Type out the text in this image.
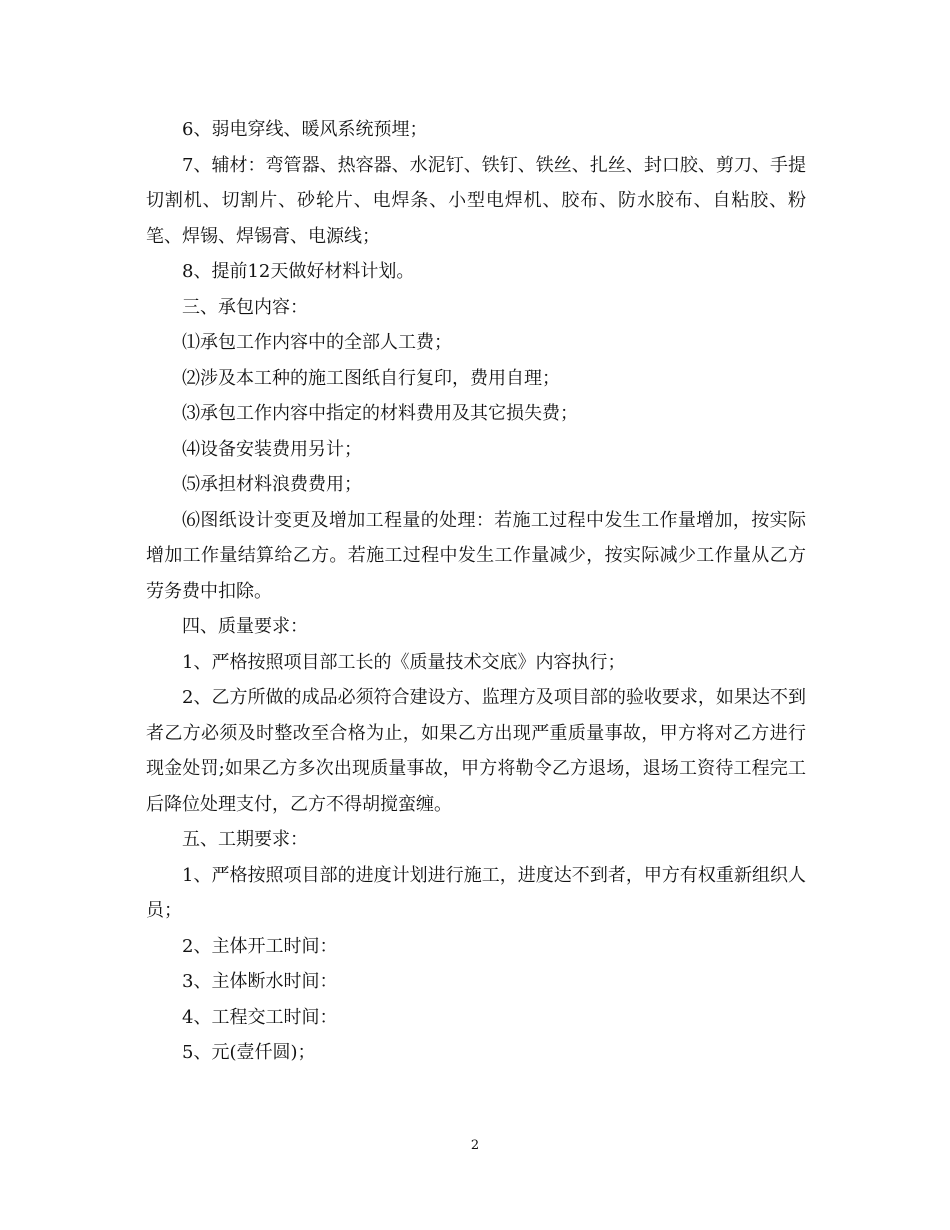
6、弱电穿线、暖风系统预埋；

7、辅材：弯管器、热容器、水泥钉、铁钉、铁丝、扎丝、封口胶、剪刀、手提切割机、切割片、砂轮片、电焊条、小型电焊机、胶布、防水胶布、自粘胶、粉笔、焊锡、焊锡膏、电源线；

8、提前12天做好材料计划。

三、承包内容：

⑴承包工作内容中的全部人工费；

⑵涉及本工种的施工图纸自行复印，费用自理；

⑶承包工作内容中指定的材料费用及其它损失费；

⑷设备安装费用另计；

⑸承担材料浪费费用；

⑹图纸设计变更及增加工程量的处理：若施工过程中发生工作量增加，按实际增加工作量结算给乙方。若施工过程中发生工作量减少，按实际减少工作量从乙方劳务费中扣除。

四、质量要求：

1、严格按照项目部工长的《质量技术交底》内容执行；

2、乙方所做的成品必须符合建设方、监理方及项目部的验收要求，如果达不到者乙方必须及时整改至合格为止，如果乙方出现严重质量事故，甲方将对乙方进行现金处罚;如果乙方多次出现质量事故，甲方将勒令乙方退场，退场工资待工程完工后降位处理支付，乙方不得胡搅蛮缠。

五、工期要求：

1、严格按照项目部的进度计划进行施工，进度达不到者，甲方有权重新组织人员；

2、主体开工时间：

3、主体断水时间：

4、工程交工时间：

5、元(壹仟圆)；

2
